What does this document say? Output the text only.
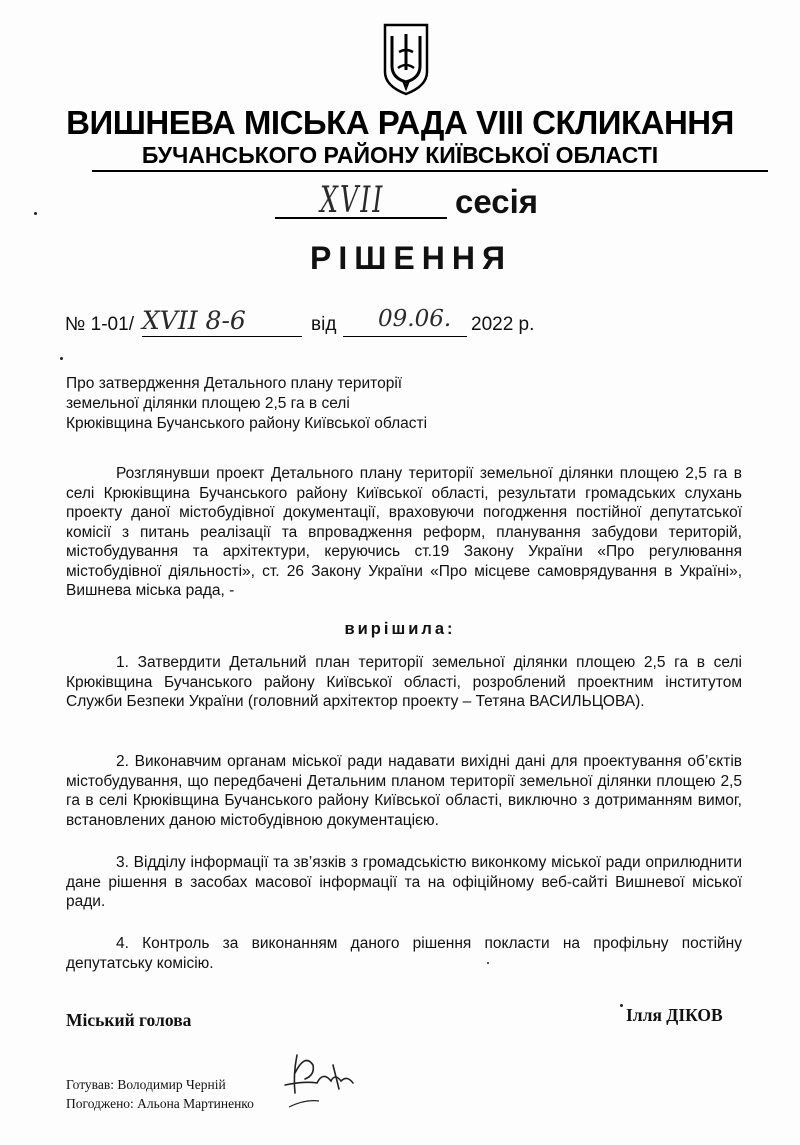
ВИШНЕВА МІСЬКА РАДА VIII СКЛИКАННЯ
БУЧАНСЬКОГО РАЙОНУ КИЇВСЬКОЇ ОБЛАСТІ
XVII сесія
РІШЕННЯ
№ 1-01/ XVII 8-6	від 09.06. 2022 р.
Про затвердження Детального плану території
земельної ділянки площею 2,5 га в селі
Крюківщина Бучанського району Київської області
Розглянувши проект Детального плану території земельної ділянки площею 2,5 га в селі Крюківщина Бучанського району Київської області, результати громадських слухань проекту даної містобудівної документації, враховуючи погодження постійної депутатської комісії з питань реалізації та впровадження реформ, планування забудови територій, містобудування та архітектури, керуючись ст.19 Закону України «Про регулювання містобудівної діяльності», ст. 26 Закону України «Про місцеве самоврядування в Україні», Вишнева міська рада, -
вирішила:
1. Затвердити Детальний план території земельної ділянки площею 2,5 га в селі Крюківщина Бучанського району Київської області, розроблений проектним інститутом Служби Безпеки України (головний архітектор проекту – Тетяна ВАСИЛЬЦОВА).
2. Виконавчим органам міської ради надавати вихідні дані для проектування об’єктів містобудування, що передбачені Детальним планом території земельної ділянки площею 2,5 га в селі Крюківщина Бучанського району Київської області, виключно з дотриманням вимог, встановлених даною містобудівною документацією.
3. Відділу інформації та зв’язків з громадськістю виконкому міської ради оприлюднити дане рішення в засобах масової інформації та на офіційному веб-сайті Вишневої міської ради.
4. Контроль за виконанням даного рішення покласти на профільну постійну депутатську комісію.
Міський голова	Ілля ДІКОВ
Готував: Володимир Черній
Погоджено: Альона Мартиненко
